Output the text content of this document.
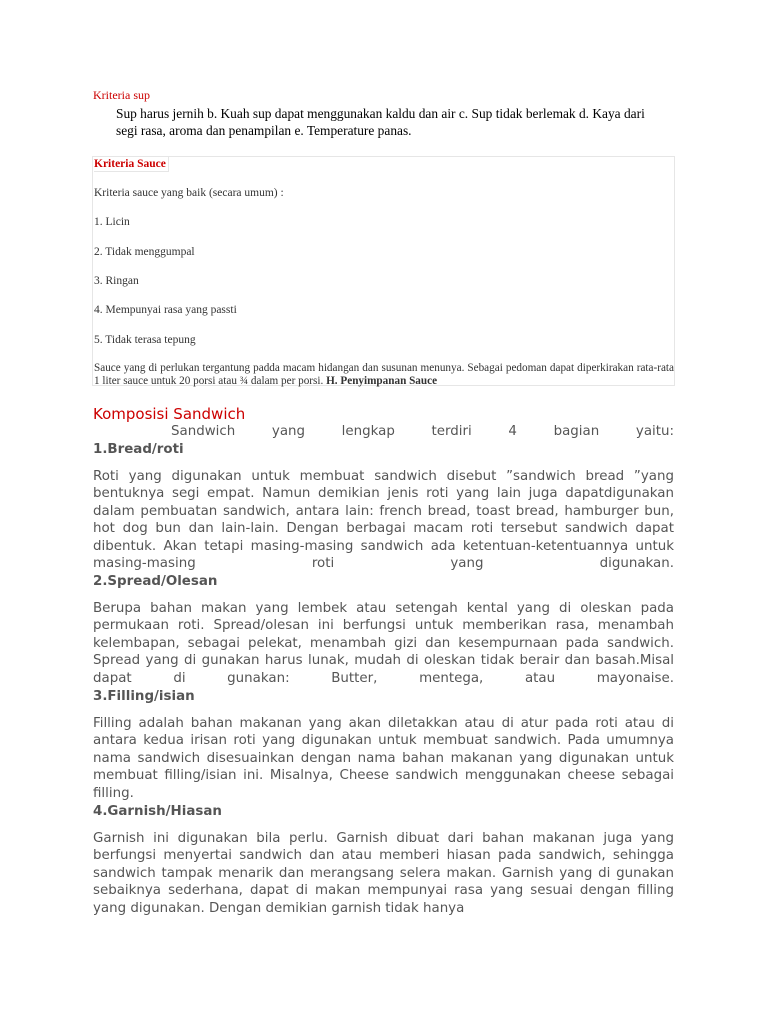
Kriteria sup
Sup harus jernih b. Kuah sup dapat menggunakan kaldu dan air c. Sup tidak berlemak d. Kaya dari segi rasa, aroma dan penampilan e. Temperature panas.
Kriteria Sauce
Kriteria sauce yang baik (secara umum) :
1. Licin
2. Tidak menggumpal
3. Ringan
4. Mempunyai rasa yang passti
5. Tidak terasa tepung
Sauce yang di perlukan tergantung padda macam hidangan dan susunan menunya. Sebagai pedoman dapat diperkirakan rata-rata 1 liter sauce untuk 20 porsi atau ¾ dalam per porsi. H. Penyimpanan Sauce
Komposisi Sandwich
Sandwich yang lengkap terdiri 4 bagian yaitu:
1.Bread/roti
Roti yang digunakan untuk membuat sandwich disebut ”sandwich bread ”yang bentuknya segi empat. Namun demikian jenis roti yang lain juga dapatdigunakan dalam pembuatan sandwich, antara lain: french bread, toast bread, hamburger bun, hot dog bun dan lain-lain. Dengan berbagai macam roti tersebut sandwich dapat dibentuk. Akan tetapi masing-masing sandwich ada ketentuan-ketentuannya untuk masing-masing roti yang digunakan.
2.Spread/Olesan
Berupa bahan makan yang lembek atau setengah kental yang di oleskan pada permukaan roti. Spread/olesan ini berfungsi untuk memberikan rasa, menambah kelembapan, sebagai pelekat, menambah gizi dan kesempurnaan pada sandwich. Spread yang di gunakan harus lunak, mudah di oleskan tidak berair dan basah.Misal dapat di gunakan: Butter, mentega, atau mayonaise.
3.Filling/isian
Filling adalah bahan makanan yang akan diletakkan atau di atur pada roti atau di antara kedua irisan roti yang digunakan untuk membuat sandwich. Pada umumnya nama sandwich disesuainkan dengan nama bahan makanan yang digunakan untuk membuat filling/isian ini. Misalnya, Cheese sandwich menggunakan cheese sebagai filling.
4.Garnish/Hiasan
Garnish ini digunakan bila perlu. Garnish dibuat dari bahan makanan juga yang berfungsi menyertai sandwich dan atau memberi hiasan pada sandwich, sehingga sandwich tampak menarik dan merangsang selera makan. Garnish yang di gunakan sebaiknya sederhana, dapat di makan mempunyai rasa yang sesuai dengan filling yang digunakan. Dengan demikian garnish tidak hanya
